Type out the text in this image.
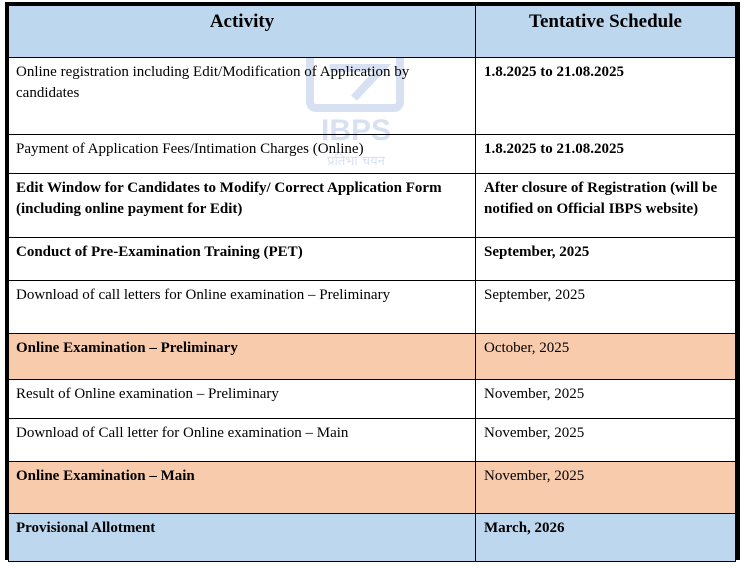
IBPS
प्रतिभा चयन
Activity	Tentative Schedule
Online registration including Edit/Modification of Application by candidates	1.8.2025 to 21.08.2025
Payment of Application Fees/Intimation Charges (Online)	1.8.2025 to 21.08.2025
Edit Window for Candidates to Modify/ Correct Application Form (including online payment for Edit)	After closure of Registration (will be notified on Official IBPS website)
Conduct of Pre-Examination Training (PET)	September, 2025
Download of call letters for Online examination – Preliminary	September, 2025
Online Examination – Preliminary	October, 2025
Result of Online examination – Preliminary	November, 2025
Download of Call letter for Online examination – Main	November, 2025
Online Examination – Main	November, 2025
Provisional Allotment	March, 2026
